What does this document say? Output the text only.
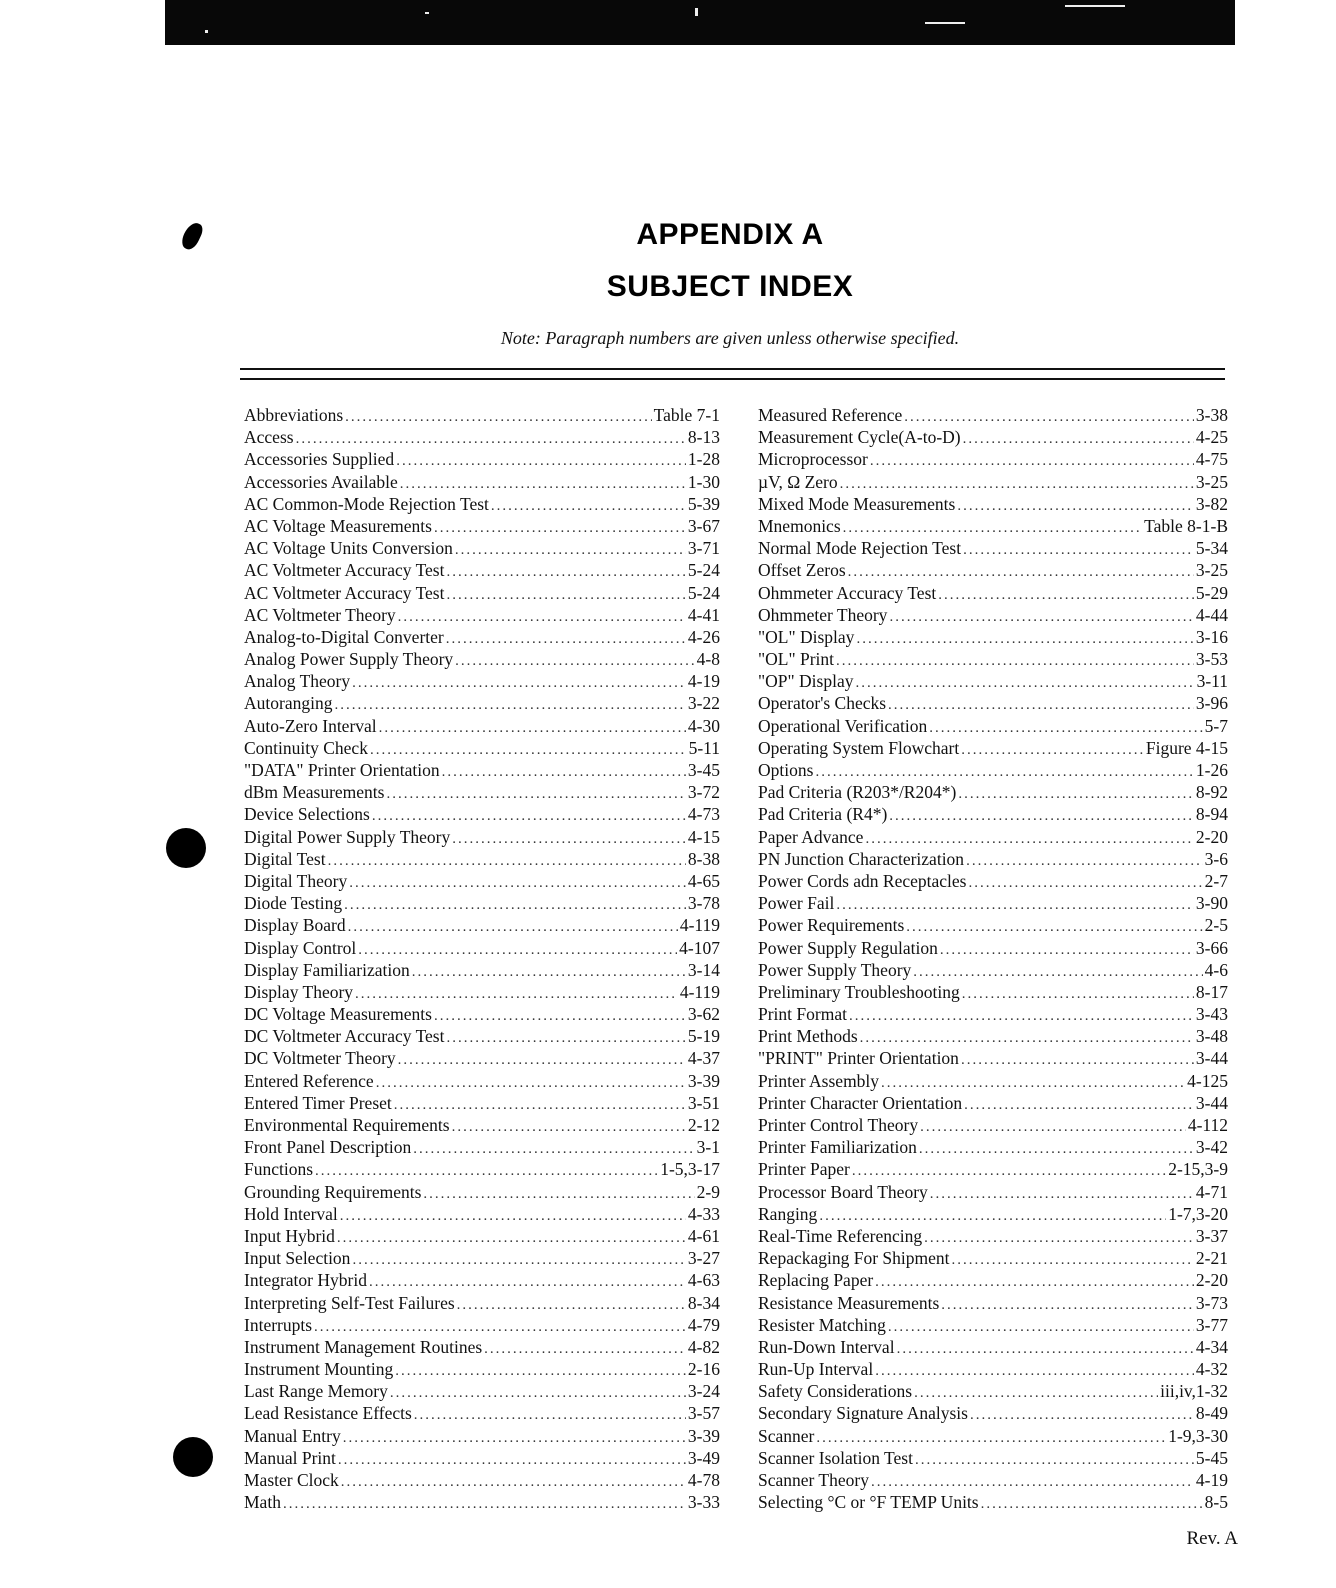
APPENDIX A
SUBJECT INDEX
Note: Paragraph numbers are given unless otherwise specified.
Abbreviations .....	Table 7-1
Access .....	8-13
Accessories Supplied .....	1-28
Accessories Available .....	1-30
AC Common-Mode Rejection Test .....	5-39
AC Voltage Measurements .....	3-67
AC Voltage Units Conversion .....	3-71
AC Voltmeter Accuracy Test .....	5-24
AC Voltmeter Accuracy Test .....	5-24
AC Voltmeter Theory .....	4-41
Analog-to-Digital Converter .....	4-26
Analog Power Supply Theory .....	4-8
Analog Theory .....	4-19
Autoranging .....	3-22
Auto-Zero Interval .....	4-30
Continuity Check .....	5-11
"DATA" Printer Orientation .....	3-45
dBm Measurements .....	3-72
Device Selections .....	4-73
Digital Power Supply Theory .....	4-15
Digital Test .....	8-38
Digital Theory .....	4-65
Diode Testing .....	3-78
Display Board .....	4-119
Display Control .....	4-107
Display Familiarization .....	3-14
Display Theory .....	4-119
DC Voltage Measurements .....	3-62
DC Voltmeter Accuracy Test .....	5-19
DC Voltmeter Theory .....	4-37
Entered Reference .....	3-39
Entered Timer Preset .....	3-51
Environmental Requirements .....	2-12
Front Panel Description .....	3-1
Functions .....	1-5,3-17
Grounding Requirements .....	2-9
Hold Interval .....	4-33
Input Hybrid .....	4-61
Input Selection .....	3-27
Integrator Hybrid .....	4-63
Interpreting Self-Test Failures .....	8-34
Interrupts .....	4-79
Instrument Management Routines .....	4-82
Instrument Mounting .....	2-16
Last Range Memory .....	3-24
Lead Resistance Effects .....	3-57
Manual Entry .....	3-39
Manual Print .....	3-49
Master Clock .....	4-78
Math .....	3-33
Measured Reference .....	3-38
Measurement Cycle(A-to-D) .....	4-25
Microprocessor .....	4-75
µV, Ω Zero .....	3-25
Mixed Mode Measurements .....	3-82
Mnemonics .....	Table 8-1-B
Normal Mode Rejection Test .....	5-34
Offset Zeros .....	3-25
Ohmmeter Accuracy Test .....	5-29
Ohmmeter Theory .....	4-44
"OL" Display .....	3-16
"OL" Print .....	3-53
"OP" Display .....	3-11
Operator's Checks .....	3-96
Operational Verification .....	5-7
Operating System Flowchart .....	Figure 4-15
Options .....	1-26
Pad Criteria (R203*/R204*) .....	8-92
Pad Criteria (R4*) .....	8-94
Paper Advance .....	2-20
PN Junction Characterization .....	3-6
Power Cords adn Receptacles .....	2-7
Power Fail .....	3-90
Power Requirements .....	2-5
Power Supply Regulation .....	3-66
Power Supply Theory .....	4-6
Preliminary Troubleshooting .....	8-17
Print Format .....	3-43
Print Methods .....	3-48
"PRINT" Printer Orientation .....	3-44
Printer Assembly .....	4-125
Printer Character Orientation .....	3-44
Printer Control Theory .....	4-112
Printer Familiarization .....	3-42
Printer Paper .....	2-15,3-9
Processor Board Theory .....	4-71
Ranging .....	1-7,3-20
Real-Time Referencing .....	3-37
Repackaging For Shipment .....	2-21
Replacing Paper .....	2-20
Resistance Measurements .....	3-73
Resister Matching .....	3-77
Run-Down Interval .....	4-34
Run-Up Interval .....	4-32
Safety Considerations .....	iii,iv,1-32
Secondary Signature Analysis .....	8-49
Scanner .....	1-9,3-30
Scanner Isolation Test .....	5-45
Scanner Theory .....	4-19
Selecting °C or °F TEMP Units .....	8-5
Rev. A
